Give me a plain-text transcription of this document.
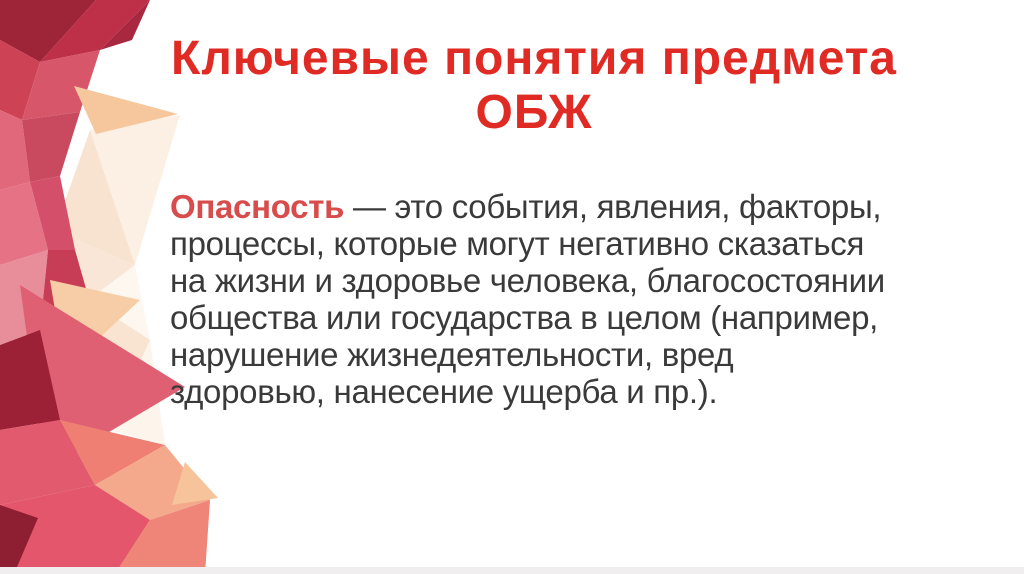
Ключевые понятия предмета
ОБЖ
Опасность — это события, явления, факторы,
процессы, которые могут негативно сказаться
на жизни и здоровье человека, благосостоянии
общества или государства в целом (например,
нарушение жизнедеятельности, вред
здоровью, нанесение ущерба и пр.).
